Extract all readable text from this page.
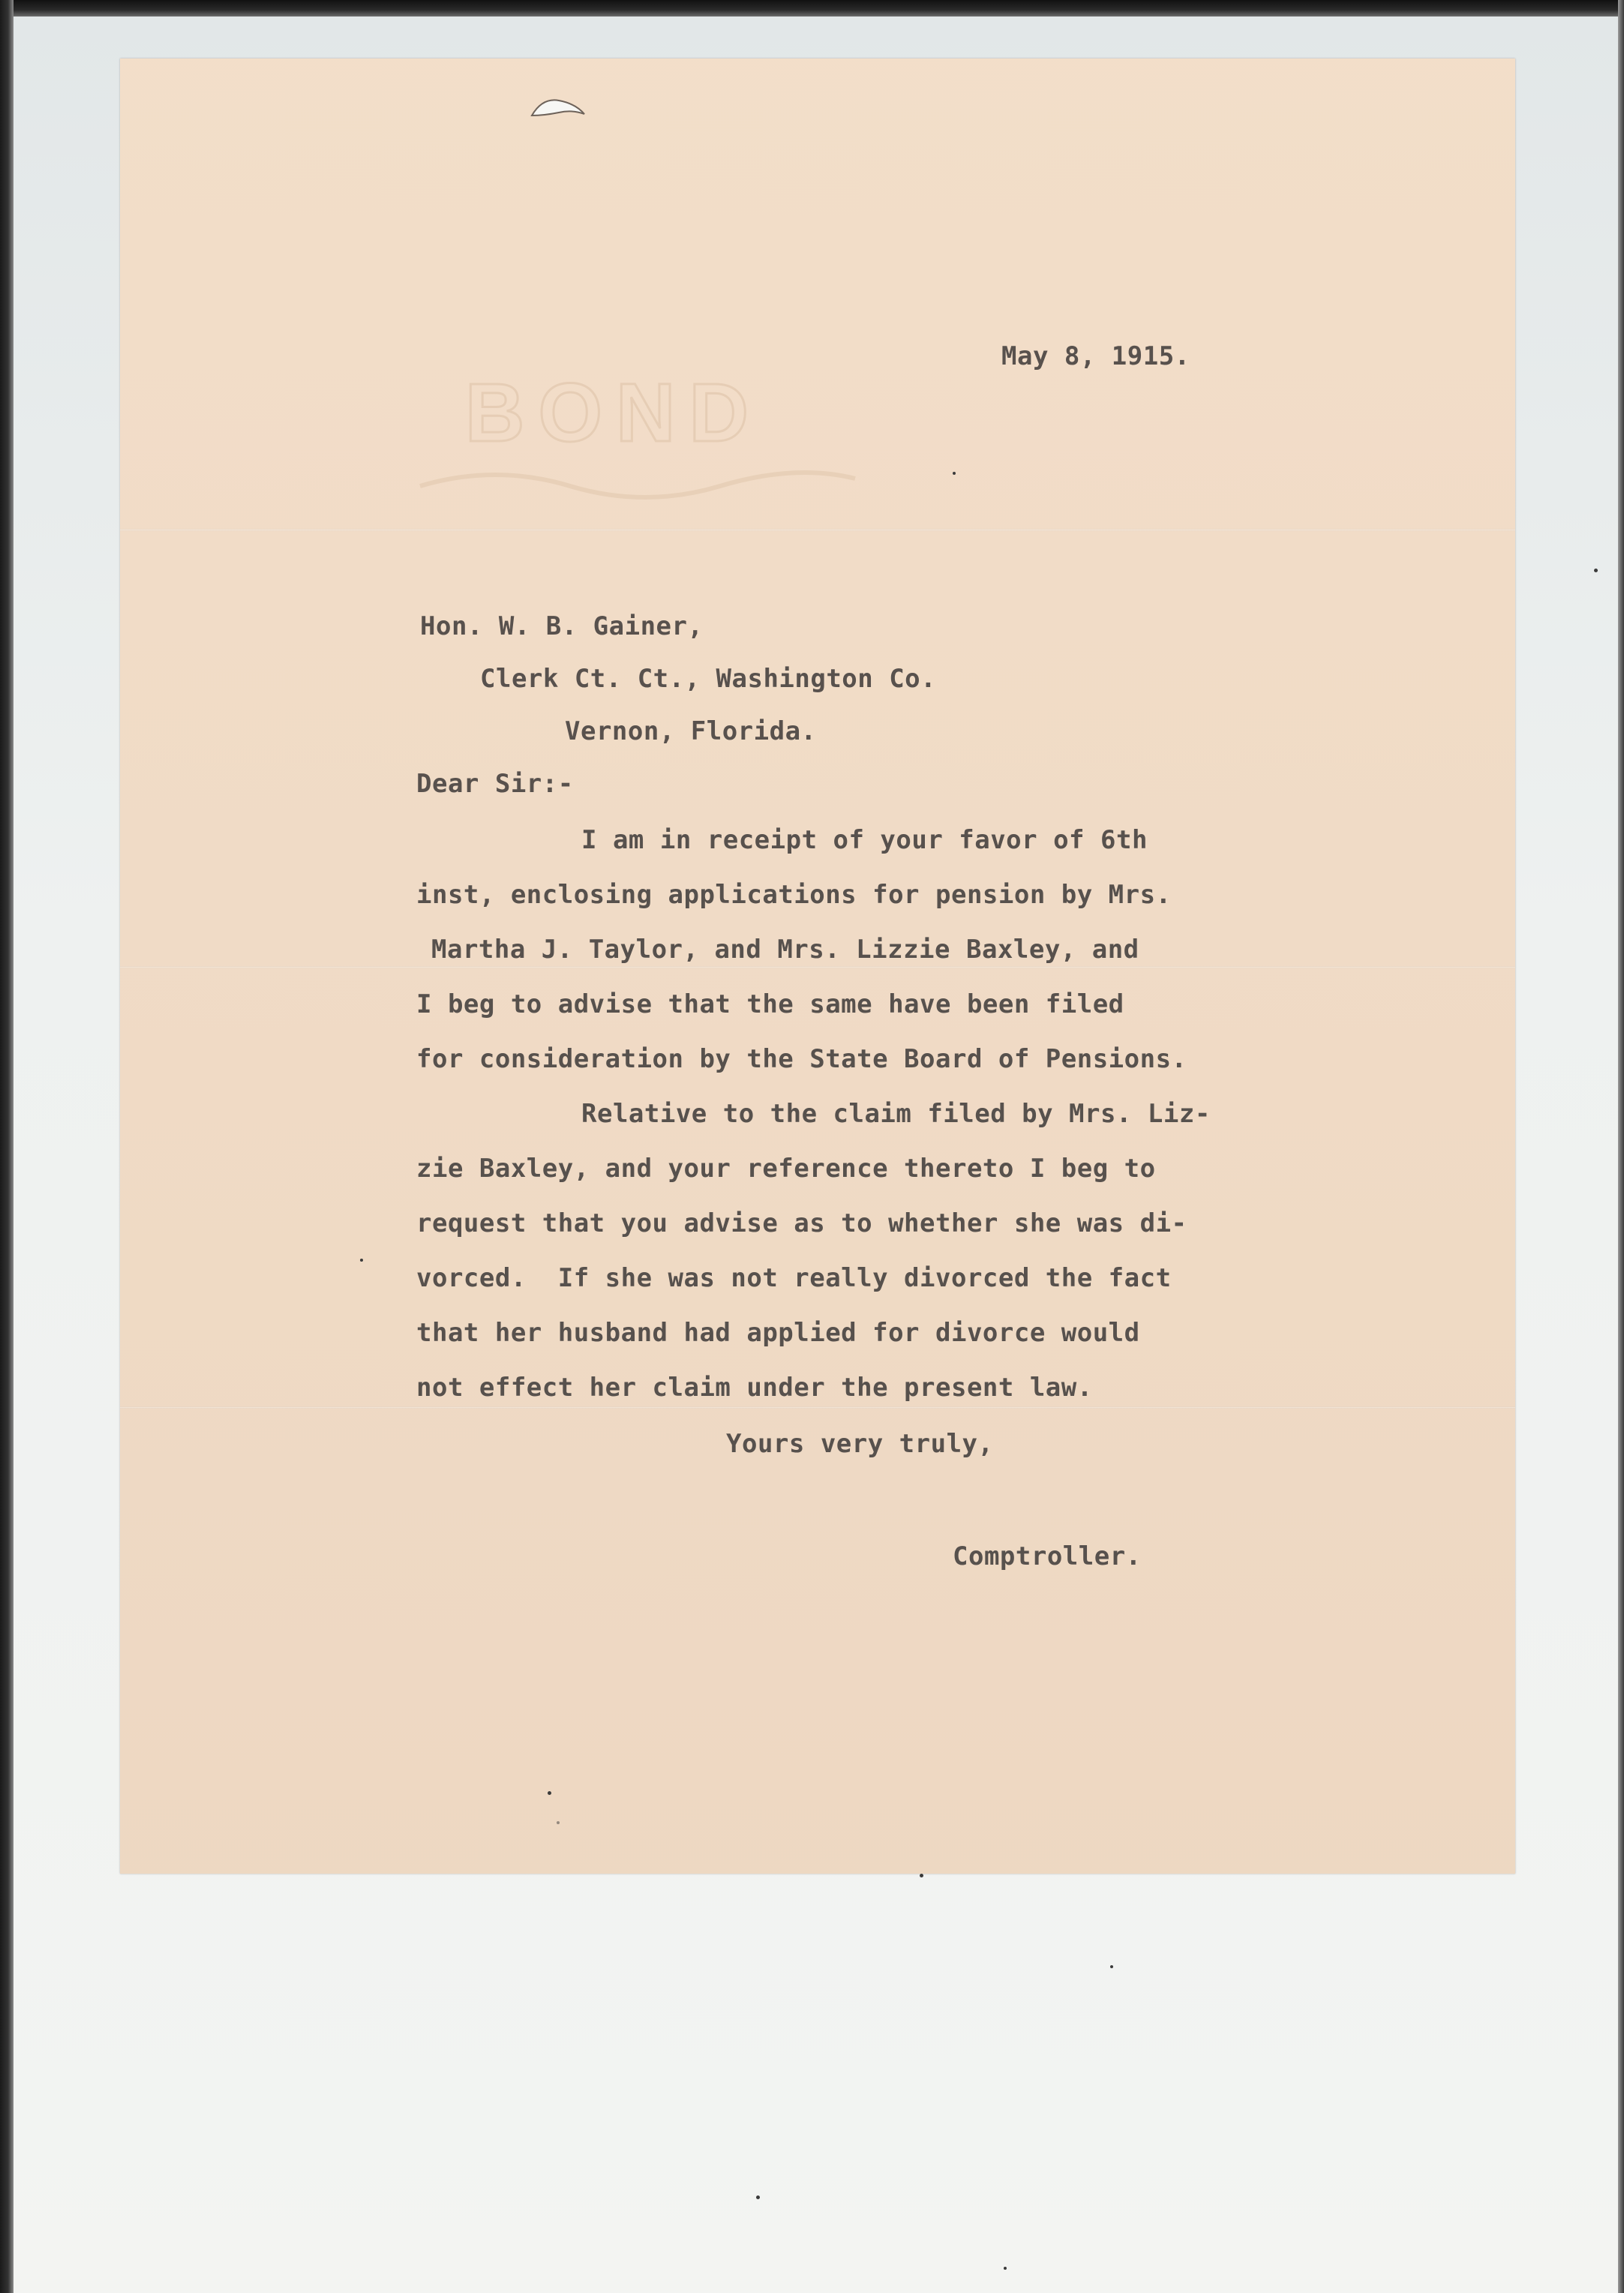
BOND
May 8, 1915.
Hon. W. B. Gainer,
Clerk Ct. Ct., Washington Co.
Vernon, Florida.
Dear Sir:-
I am in receipt of your favor of 6th
inst, enclosing applications for pension by Mrs.
Martha J. Taylor, and Mrs. Lizzie Baxley, and
I beg to advise that the same have been filed
for consideration by the State Board of Pensions.
Relative to the claim filed by Mrs. Liz-
zie Baxley, and your reference thereto I beg to
request that you advise as to whether she was di-
vorced.  If she was not really divorced the fact
that her husband had applied for divorce would
not effect her claim under the present law.
Yours very truly,
Comptroller.
